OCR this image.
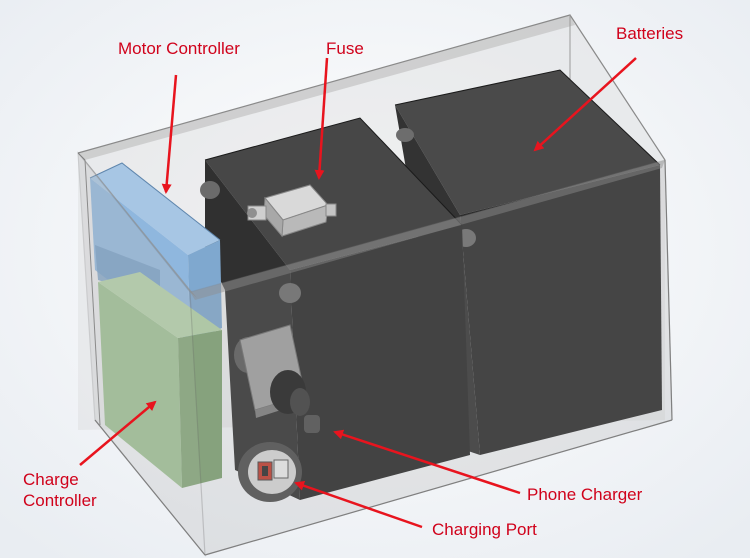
Motor Controller	Fuse
Batteries
Charge
Controller	Phone Charger
Charging Port
